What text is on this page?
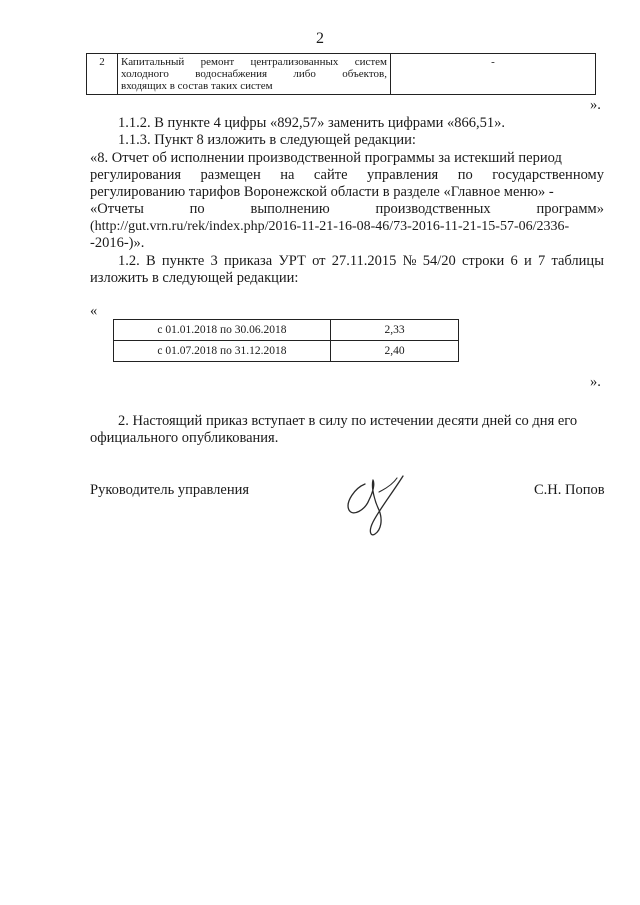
2
2	Капитальный ремонт централизованных систем
холодного водоснабжения либо объектов,
входящих в состав таких систем
	-
».
1.1.2. В пункте 4 цифры «892,57» заменить цифрами «866,51».
1.1.3. Пункт 8 изложить в следующей редакции:
«8. Отчет об исполнении производственной программы за истекший период
регулирования размещен на сайте управления по государственному
регулированию тарифов Воронежской области в разделе «Главное меню» -
«Отчеты	по	выполнению	производственных	программ»
(http://gut.vrn.ru/rek/index.php/2016-11-21-16-08-46/73-2016-11-21-15-57-06/2336-
-2016-)».
1.2. В пункте 3 приказа УРТ от 27.11.2015 № 54/20 строки 6 и 7 таблицы
изложить в следующей редакции:
«
с 01.01.2018 по 30.06.2018	2,33
с 01.07.2018 по 31.12.2018	2,40
».
2. Настоящий приказ вступает в силу по истечении десяти дней со дня его
официального опубликования.
Руководитель управления	С.Н. Попов
